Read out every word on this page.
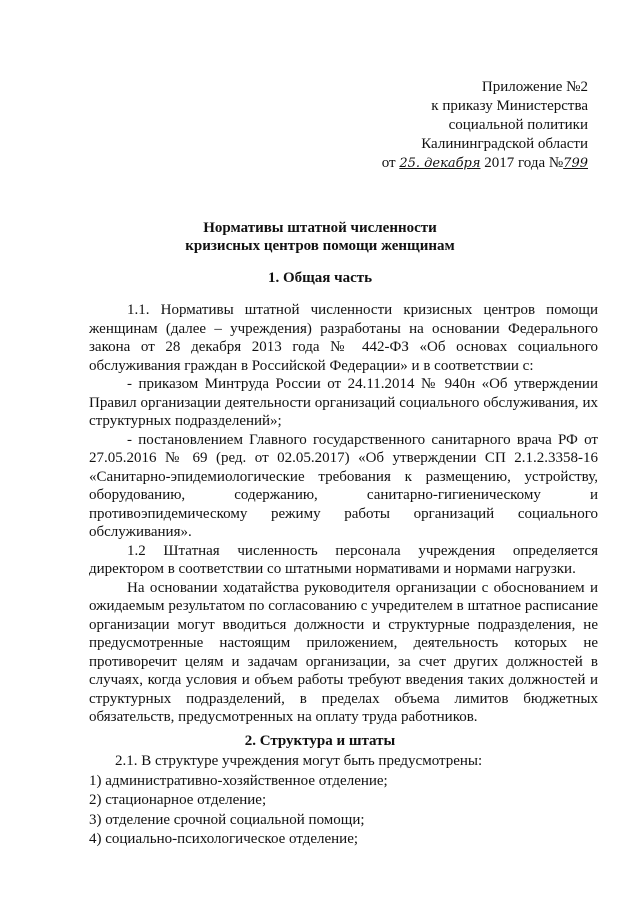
Приложение №2
к приказу Министерства
социальной политики
Калининградской области
от 25. декабря 2017 года №799
Нормативы штатной численности
кризисных центров помощи женщинам
1. Общая часть

1.1. Нормативы штатной численности кризисных центров помощи женщинам (далее – учреждения) разработаны на основании Федерального закона от 28 декабря 2013 года № 442-ФЗ «Об основах социального обслуживания граждан в Российской Федерации» и в соответствии с:

- приказом Минтруда России от 24.11.2014 № 940н «Об утверждении Правил организации деятельности организаций социального обслуживания, их структурных подразделений»;

- постановлением Главного государственного санитарного врача РФ от 27.05.2016 № 69 (ред. от 02.05.2017) «Об утверждении СП 2.1.2.3358-16 «Санитарно-эпидемиологические требования к размещению, устройству, оборудованию, содержанию, санитарно-гигиеническому и противоэпидемическому режиму работы организаций социального обслуживания».

1.2 Штатная численность персонала учреждения определяется директором в соответствии со штатными нормативами и нормами нагрузки.

На основании ходатайства руководителя организации с обоснованием и ожидаемым результатом по согласованию с учредителем в штатное расписание организации могут вводиться должности и структурные подразделения, не предусмотренные настоящим приложением, деятельность которых не противоречит целям и задачам организации, за счет других должностей в случаях, когда условия и объем работы требуют введения таких должностей и структурных подразделений, в пределах объема лимитов бюджетных обязательств, предусмотренных на оплату труда работников.

2. Структура и штаты

2.1. В структуре учреждения могут быть предусмотрены:

1) административно-хозяйственное отделение;

2) стационарное отделение;

3) отделение срочной социальной помощи;

4) социально-психологическое отделение;
